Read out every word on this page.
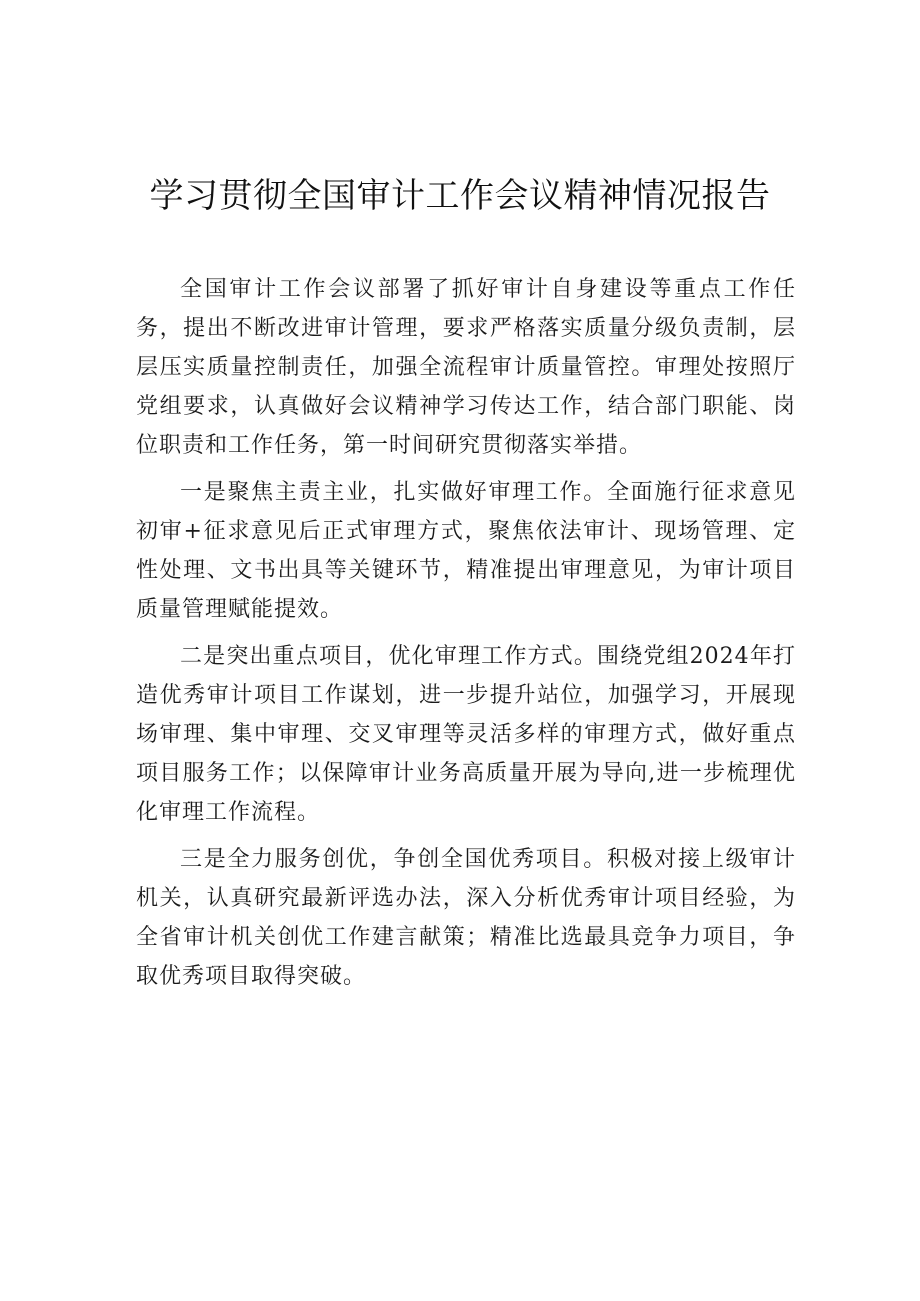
学习贯彻全国审计工作会议精神情况报告

全国审计工作会议部署了抓好审计自身建设等重点工作任务，提出不断改进审计管理，要求严格落实质量分级负责制，层层压实质量控制责任，加强全流程审计质量管控。审理处按照厅党组要求，认真做好会议精神学习传达工作，结合部门职能、岗位职责和工作任务，第一时间研究贯彻落实举措。

一是聚焦主责主业，扎实做好审理工作。全面施行征求意见初审+征求意见后正式审理方式，聚焦依法审计、现场管理、定性处理、文书出具等关键环节，精准提出审理意见，为审计项目质量管理赋能提效。

二是突出重点项目，优化审理工作方式。围绕党组2024年打造优秀审计项目工作谋划，进一步提升站位，加强学习，开展现场审理、集中审理、交叉审理等灵活多样的审理方式，做好重点项目服务工作；以保障审计业务高质量开展为导向,进一步梳理优化审理工作流程。

三是全力服务创优，争创全国优秀项目。积极对接上级审计机关，认真研究最新评选办法，深入分析优秀审计项目经验，为全省审计机关创优工作建言献策；精准比选最具竞争力项目，争取优秀项目取得突破。
